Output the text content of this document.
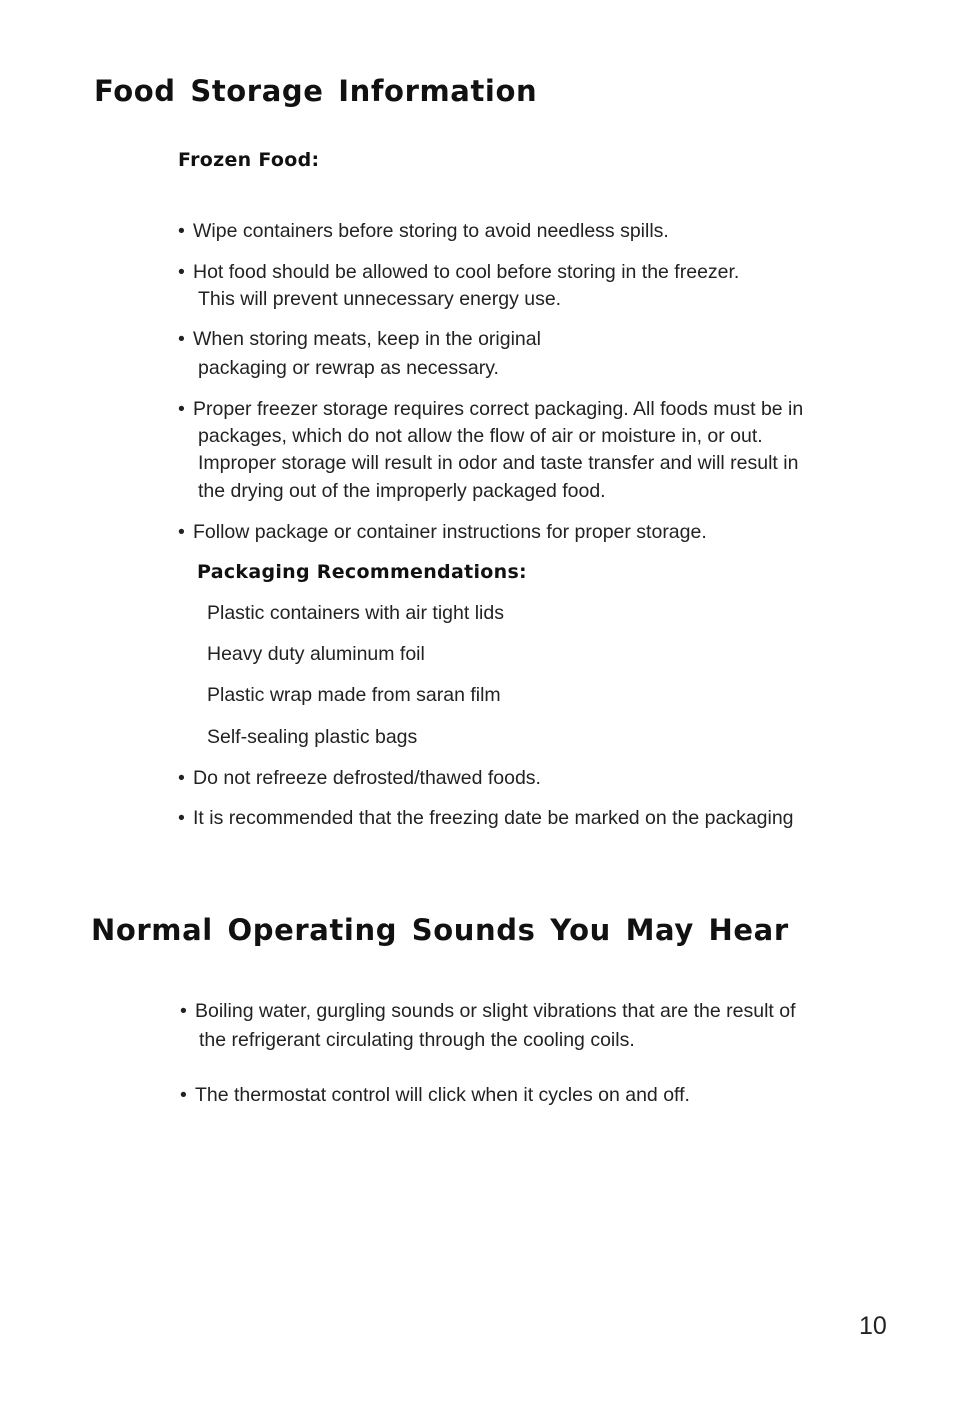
Food Storage Information
Frozen Food:

• Wipe containers before storing to avoid needless spills.

• Hot food should be allowed to cool before storing in the freezer.

This will prevent unnecessary energy use.

• When storing meats, keep in the original

packaging or rewrap as necessary.

• Proper freezer storage requires correct packaging. All foods must be in

packages, which do not allow the flow of air or moisture in, or out.

Improper storage will result in odor and taste transfer and will result in

the drying out of the improperly packaged food.

• Follow package or container instructions for proper storage.

Packaging Recommendations:

Plastic containers with air tight lids

Heavy duty aluminum foil

Plastic wrap made from saran film

Self-sealing plastic bags

• Do not refreeze defrosted/thawed foods.

• It is recommended that the freezing date be marked on the packaging

Normal Operating Sounds You May Hear

• Boiling water, gurgling sounds or slight vibrations that are the result of

the refrigerant circulating through the cooling coils.

• The thermostat control will click when it cycles on and off.

10
